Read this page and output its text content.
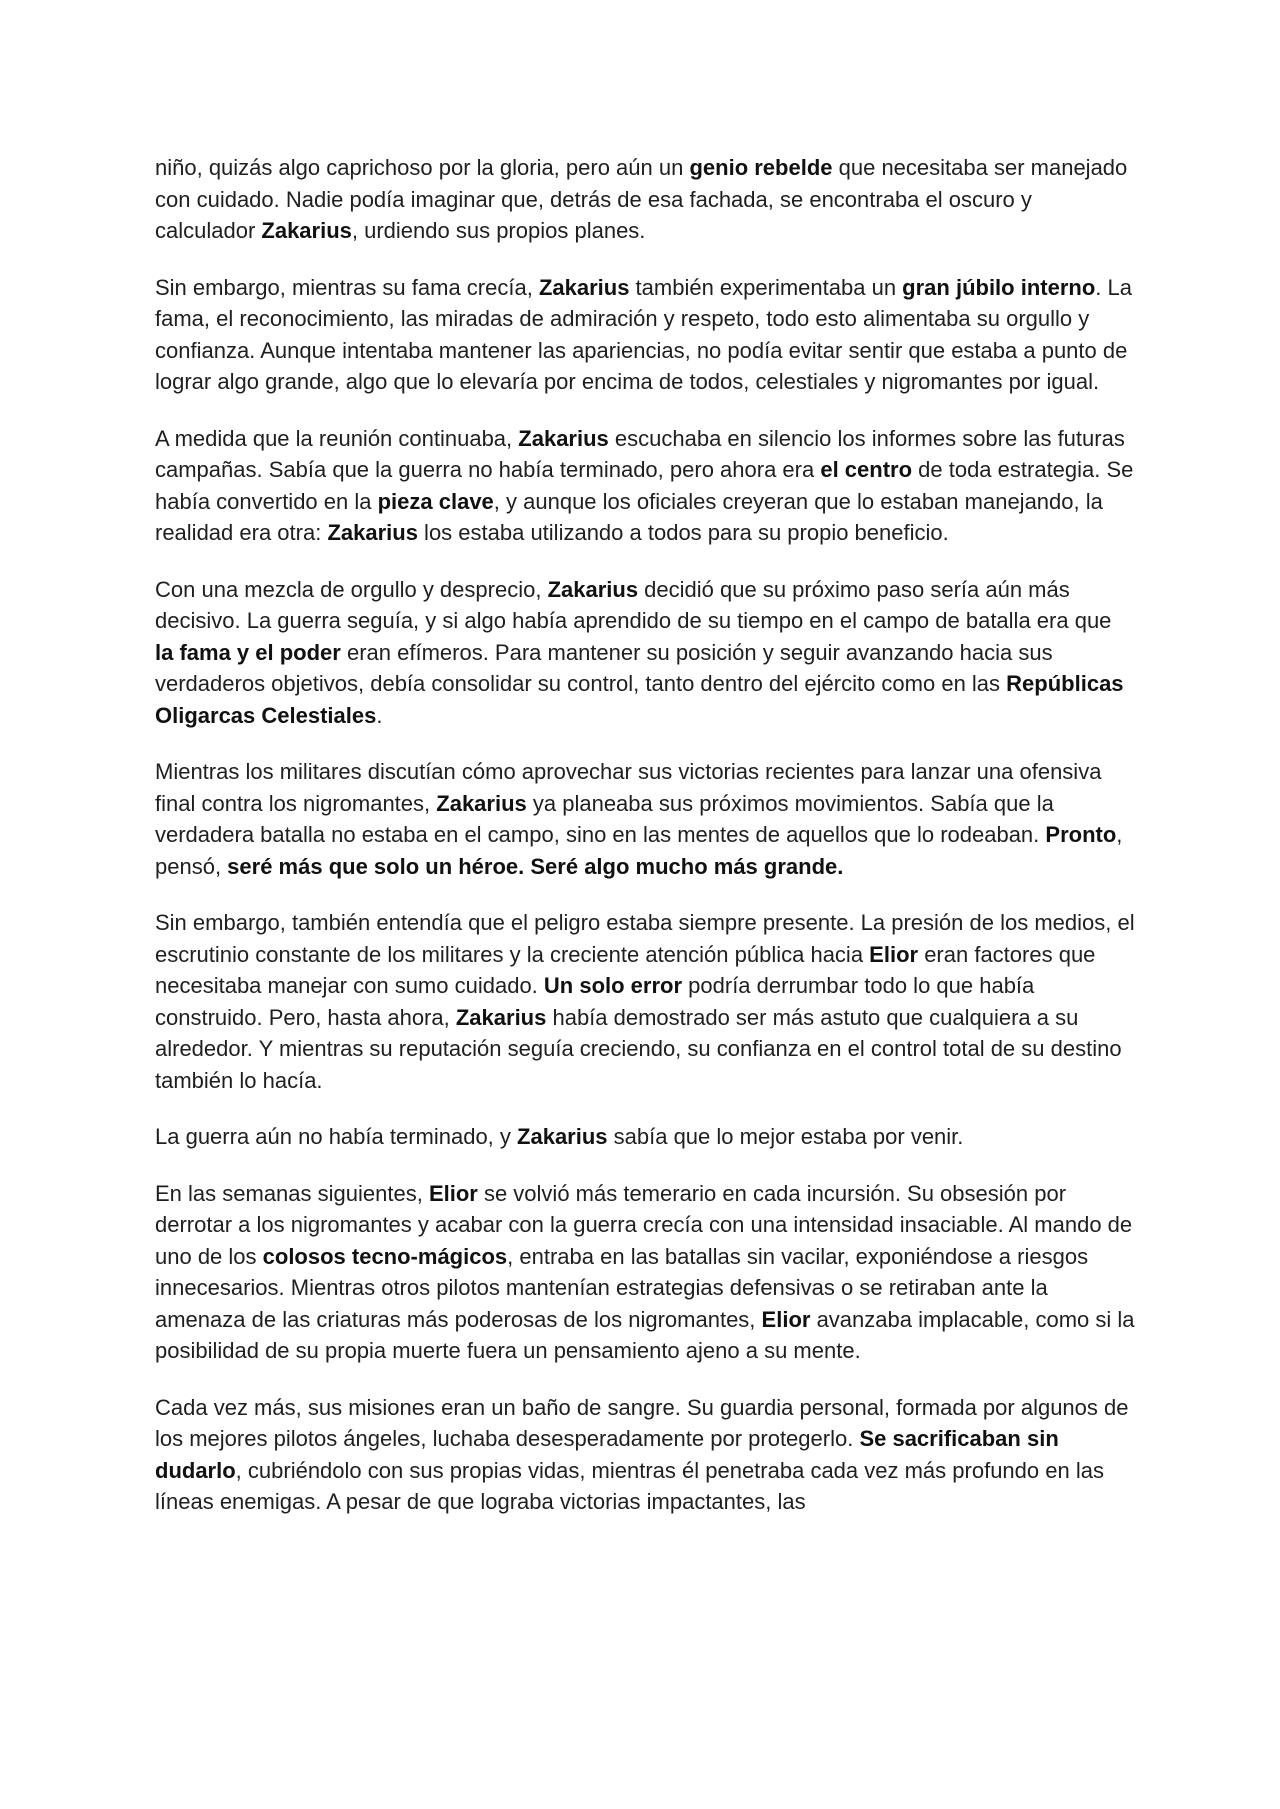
niño, quizás algo caprichoso por la gloria, pero aún un genio rebelde que necesitaba ser manejado con cuidado. Nadie podía imaginar que, detrás de esa fachada, se encontraba el oscuro y calculador Zakarius, urdiendo sus propios planes.

Sin embargo, mientras su fama crecía, Zakarius también experimentaba un gran júbilo interno. La fama, el reconocimiento, las miradas de admiración y respeto, todo esto alimentaba su orgullo y confianza. Aunque intentaba mantener las apariencias, no podía evitar sentir que estaba a punto de lograr algo grande, algo que lo elevaría por encima de todos, celestiales y nigromantes por igual.

A medida que la reunión continuaba, Zakarius escuchaba en silencio los informes sobre las futuras campañas. Sabía que la guerra no había terminado, pero ahora era el centro de toda estrategia. Se había convertido en la pieza clave, y aunque los oficiales creyeran que lo estaban manejando, la realidad era otra: Zakarius los estaba utilizando a todos para su propio beneficio.

Con una mezcla de orgullo y desprecio, Zakarius decidió que su próximo paso sería aún más decisivo. La guerra seguía, y si algo había aprendido de su tiempo en el campo de batalla era que la fama y el poder eran efímeros. Para mantener su posición y seguir avanzando hacia sus verdaderos objetivos, debía consolidar su control, tanto dentro del ejército como en las Repúblicas Oligarcas Celestiales.

Mientras los militares discutían cómo aprovechar sus victorias recientes para lanzar una ofensiva final contra los nigromantes, Zakarius ya planeaba sus próximos movimientos. Sabía que la verdadera batalla no estaba en el campo, sino en las mentes de aquellos que lo rodeaban. Pronto, pensó, seré más que solo un héroe. Seré algo mucho más grande.

Sin embargo, también entendía que el peligro estaba siempre presente. La presión de los medios, el escrutinio constante de los militares y la creciente atención pública hacia Elior eran factores que necesitaba manejar con sumo cuidado. Un solo error podría derrumbar todo lo que había construido. Pero, hasta ahora, Zakarius había demostrado ser más astuto que cualquiera a su alrededor. Y mientras su reputación seguía creciendo, su confianza en el control total de su destino también lo hacía.

La guerra aún no había terminado, y Zakarius sabía que lo mejor estaba por venir.

En las semanas siguientes, Elior se volvió más temerario en cada incursión. Su obsesión por derrotar a los nigromantes y acabar con la guerra crecía con una intensidad insaciable. Al mando de uno de los colosos tecno-mágicos, entraba en las batallas sin vacilar, exponiéndose a riesgos innecesarios. Mientras otros pilotos mantenían estrategias defensivas o se retiraban ante la amenaza de las criaturas más poderosas de los nigromantes, Elior avanzaba implacable, como si la posibilidad de su propia muerte fuera un pensamiento ajeno a su mente.

Cada vez más, sus misiones eran un baño de sangre. Su guardia personal, formada por algunos de los mejores pilotos ángeles, luchaba desesperadamente por protegerlo. Se sacrificaban sin dudarlo, cubriéndolo con sus propias vidas, mientras él penetraba cada vez más profundo en las líneas enemigas. A pesar de que lograba victorias impactantes, las
